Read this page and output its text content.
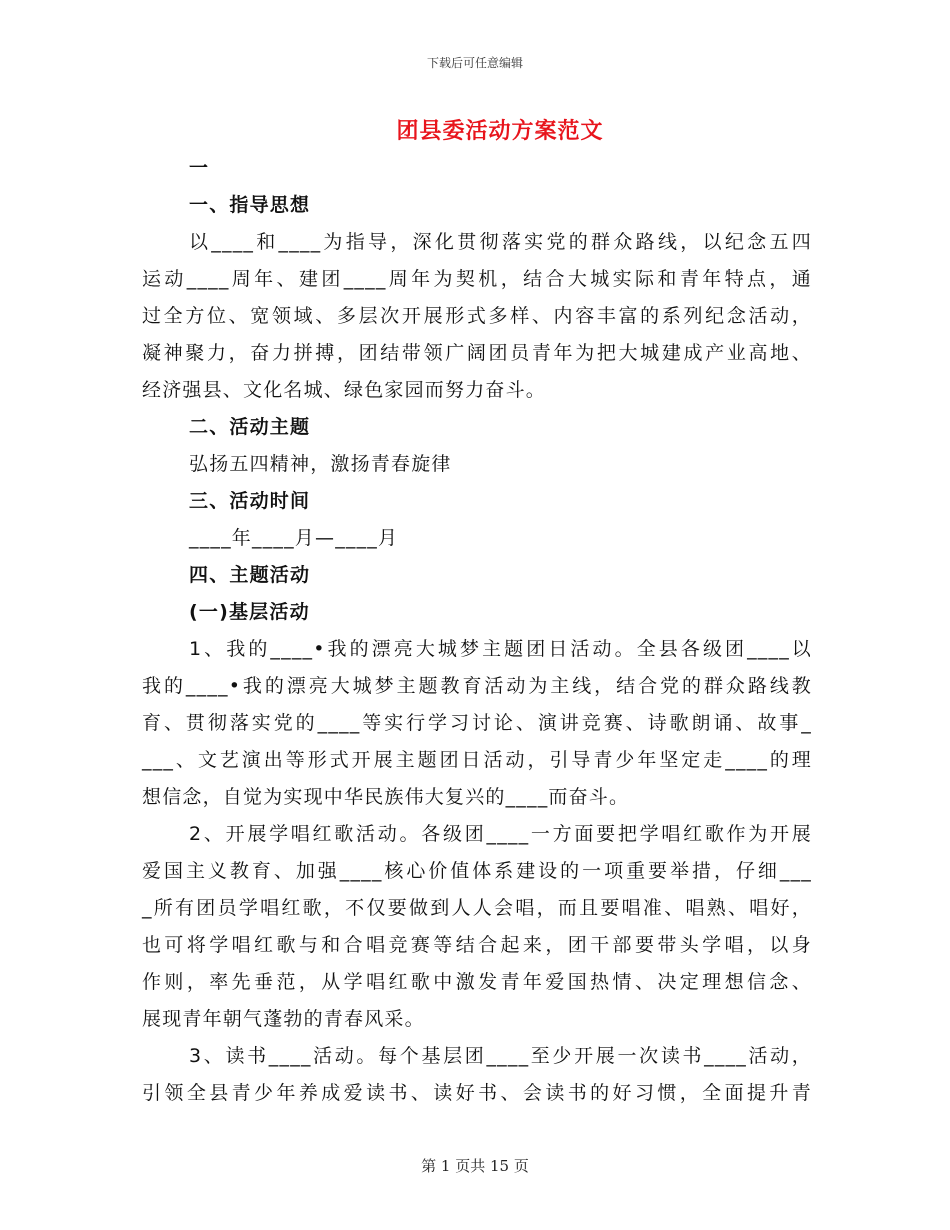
下载后可任意编辑
团县委活动方案范文
一
一、指导思想
以____和____为指导，深化贯彻落实党的群众路线，以纪念五四
运动____周年、建团____周年为契机，结合大城实际和青年特点，通
过全方位、宽领域、多层次开展形式多样、内容丰富的系列纪念活动，
凝神聚力，奋力拼搏，团结带领广阔团员青年为把大城建成产业高地、
经济强县、文化名城、绿色家园而努力奋斗。
二、活动主题
弘扬五四精神，激扬青春旋律
三、活动时间
____年____月—____月
四、主题活动
(一)基层活动
1、我的____•我的漂亮大城梦主题团日活动。全县各级团____以
我的____•我的漂亮大城梦主题教育活动为主线，结合党的群众路线教
育、贯彻落实党的____等实行学习讨论、演讲竞赛、诗歌朗诵、故事_
___、文艺演出等形式开展主题团日活动，引导青少年坚定走____的理
想信念，自觉为实现中华民族伟大复兴的____而奋斗。
2、开展学唱红歌活动。各级团____一方面要把学唱红歌作为开展
爱国主义教育、加强____核心价值体系建设的一项重要举措，仔细___
_所有团员学唱红歌，不仅要做到人人会唱，而且要唱准、唱熟、唱好，
也可将学唱红歌与和合唱竞赛等结合起来，团干部要带头学唱，以身
作则，率先垂范，从学唱红歌中激发青年爱国热情、决定理想信念、
展现青年朝气蓬勃的青春风采。
3、读书____活动。每个基层团____至少开展一次读书____活动，
引领全县青少年养成爱读书、读好书、会读书的好习惯，全面提升青
第 1 页共 15 页
